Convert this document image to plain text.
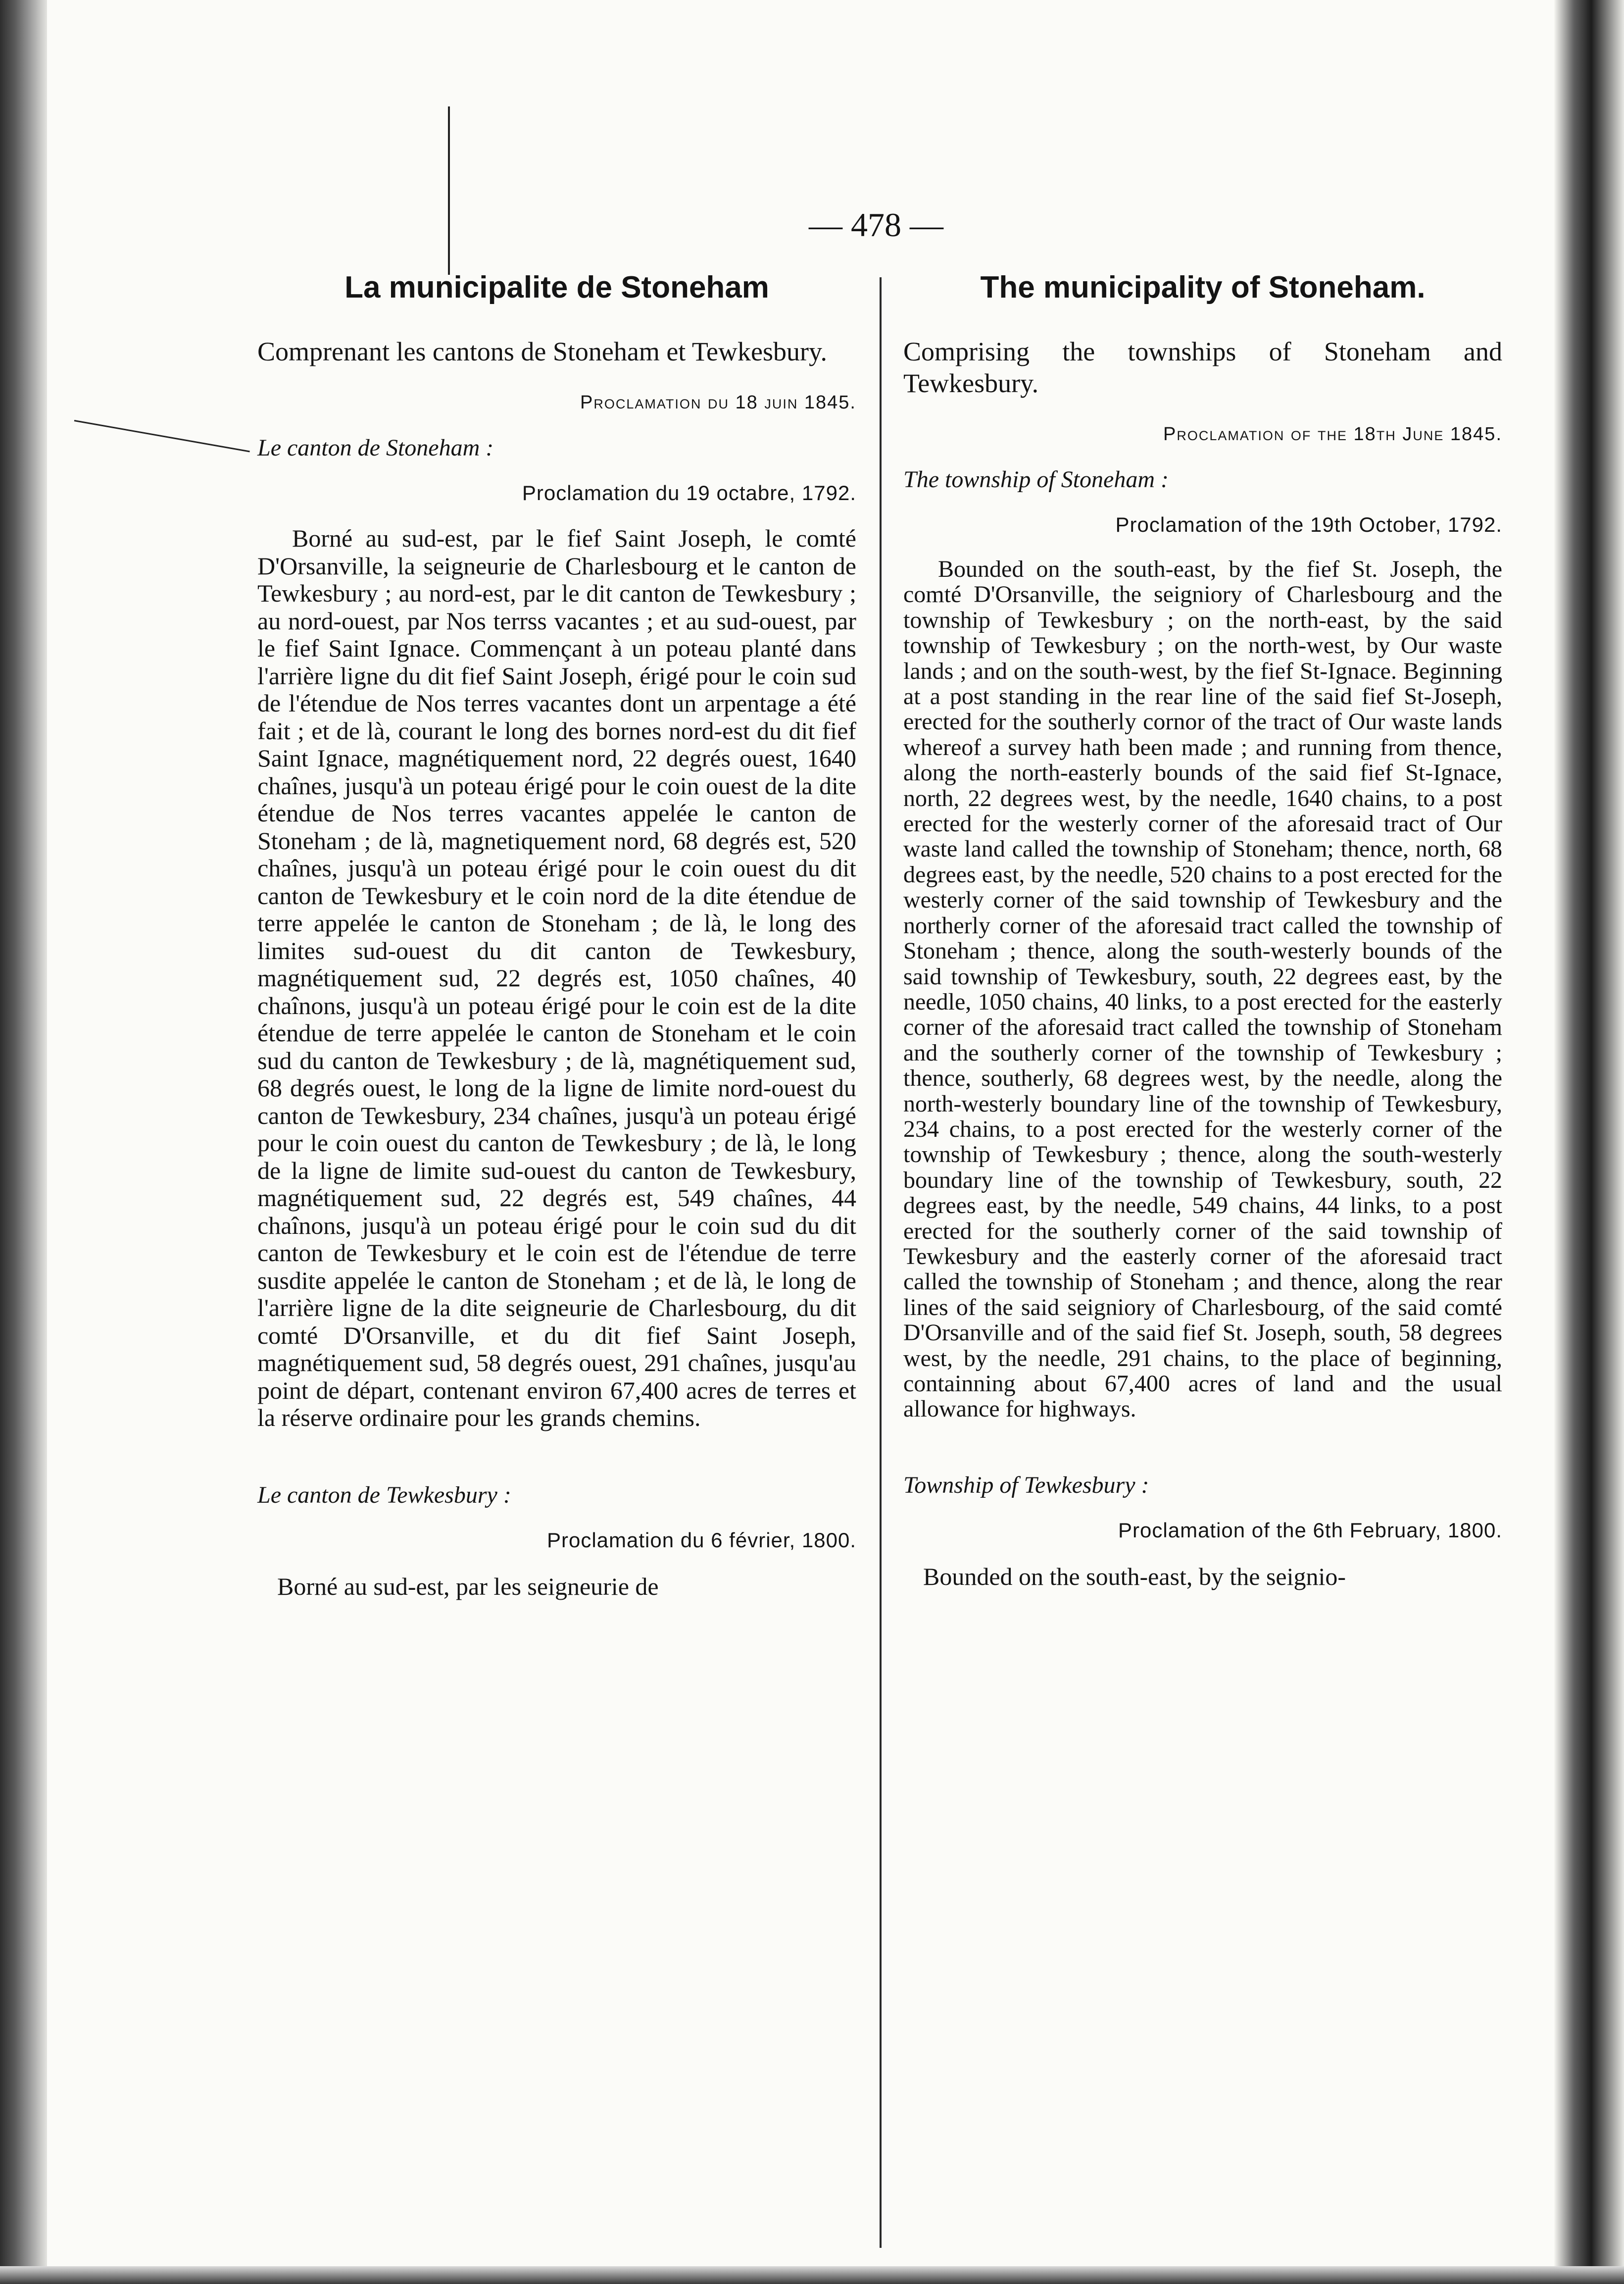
— 478 —
La municipalite de Stoneham

Comprenant les cantons de Stoneham et Tewkesbury.

Proclamation du 18 juin 1845.
Le canton de Stoneham :
Proclamation du 19 octabre, 1792.

Borné au sud-est, par le fief Saint Joseph, le comté D'Orsanville, la seigneurie de Charlesbourg et le canton de Tewkesbury ; au nord-est, par le dit canton de Tewkesbury ; au nord-ouest, par Nos terrss vacantes ; et au sud-ouest, par le fief Saint Ignace. Commençant à un poteau planté dans l'arrière ligne du dit fief Saint Joseph, érigé pour le coin sud de l'étendue de Nos terres vacantes dont un arpentage a été fait ; et de là, courant le long des bornes nord-est du dit fief Saint Ignace, magnétiquement nord, 22 degrés ouest, 1640 chaînes, jusqu'à un poteau érigé pour le coin ouest de la dite étendue de Nos terres vacantes appelée le canton de Stoneham ; de là, magnetiquement nord, 68 degrés est, 520 chaînes, jusqu'à un poteau érigé pour le coin ouest du dit canton de Tewkesbury et le coin nord de la dite étendue de terre appelée le canton de Stoneham ; de là, le long des limites sud-ouest du dit canton de Tewkesbury, magnétiquement sud, 22 degrés est, 1050 chaînes, 40 chaînons, jusqu'à un poteau érigé pour le coin est de la dite étendue de terre appelée le canton de Stoneham et le coin sud du canton de Tewkesbury ; de là, magnétiquement sud, 68 degrés ouest, le long de la ligne de limite nord-ouest du canton de Tewkesbury, 234 chaînes, jusqu'à un poteau érigé pour le coin ouest du canton de Tewkesbury ; de là, le long de la ligne de limite sud-ouest du canton de Tewkesbury, magnétiquement sud, 22 degrés est, 549 chaînes, 44 chaînons, jusqu'à un poteau érigé pour le coin sud du dit canton de Tewkesbury et le coin est de l'étendue de terre susdite appelée le canton de Stoneham ; et de là, le long de l'arrière ligne de la dite seigneurie de Charlesbourg, du dit comté D'Orsanville, et du dit fief Saint Joseph, magnétiquement sud, 58 degrés ouest, 291 chaînes, jusqu'au point de départ, contenant environ 67,400 acres de terres et la réserve ordinaire pour les grands chemins.

Le canton de Tewkesbury :
Proclamation du 6 février, 1800.

Borné au sud-est, par les seigneurie de

The municipality of Stoneham.

Comprising the townships of Stoneham and Tewkesbury.

Proclamation of the 18th June 1845.
The township of Stoneham :
Proclamation of the 19th October, 1792.

Bounded on the south-east, by the fief St. Joseph, the comté D'Orsanville, the seigniory of Charlesbourg and the township of Tewkesbury ; on the north-east, by the said township of Tewkesbury ; on the north-west, by Our waste lands ; and on the south-west, by the fief St-Ignace. Beginning at a post standing in the rear line of the said fief St-Joseph, erected for the southerly cornor of the tract of Our waste lands whereof a survey hath been made ; and running from thence, along the north-easterly bounds of the said fief St-Ignace, north, 22 degrees west, by the needle, 1640 chains, to a post erected for the westerly corner of the aforesaid tract of Our waste land called the township of Stoneham; thence, north, 68 degrees east, by the needle, 520 chains to a post erected for the westerly corner of the said township of Tewkesbury and the northerly corner of the aforesaid tract called the township of Stoneham ; thence, along the south-westerly bounds of the said township of Tewkesbury, south, 22 degrees east, by the needle, 1050 chains, 40 links, to a post erected for the easterly corner of the aforesaid tract called the township of Stoneham and the southerly corner of the township of Tewkesbury ; thence, southerly, 68 degrees west, by the needle, along the north-westerly boundary line of the township of Tewkesbury, 234 chains, to a post erected for the westerly corner of the township of Tewkesbury ; thence, along the south-westerly boundary line of the township of Tewkesbury, south, 22 degrees east, by the needle, 549 chains, 44 links, to a post erected for the southerly corner of the said township of Tewkesbury and the easterly corner of the aforesaid tract called the township of Stoneham ; and thence, along the rear lines of the said seigniory of Charlesbourg, of the said comté D'Orsanville and of the said fief St. Joseph, south, 58 degrees west, by the needle, 291 chains, to the place of beginning, containning about 67,400 acres of land and the usual allowance for highways.

Township of Tewkesbury :
Proclamation of the 6th February, 1800.

Bounded on the south-east, by the seignio-
